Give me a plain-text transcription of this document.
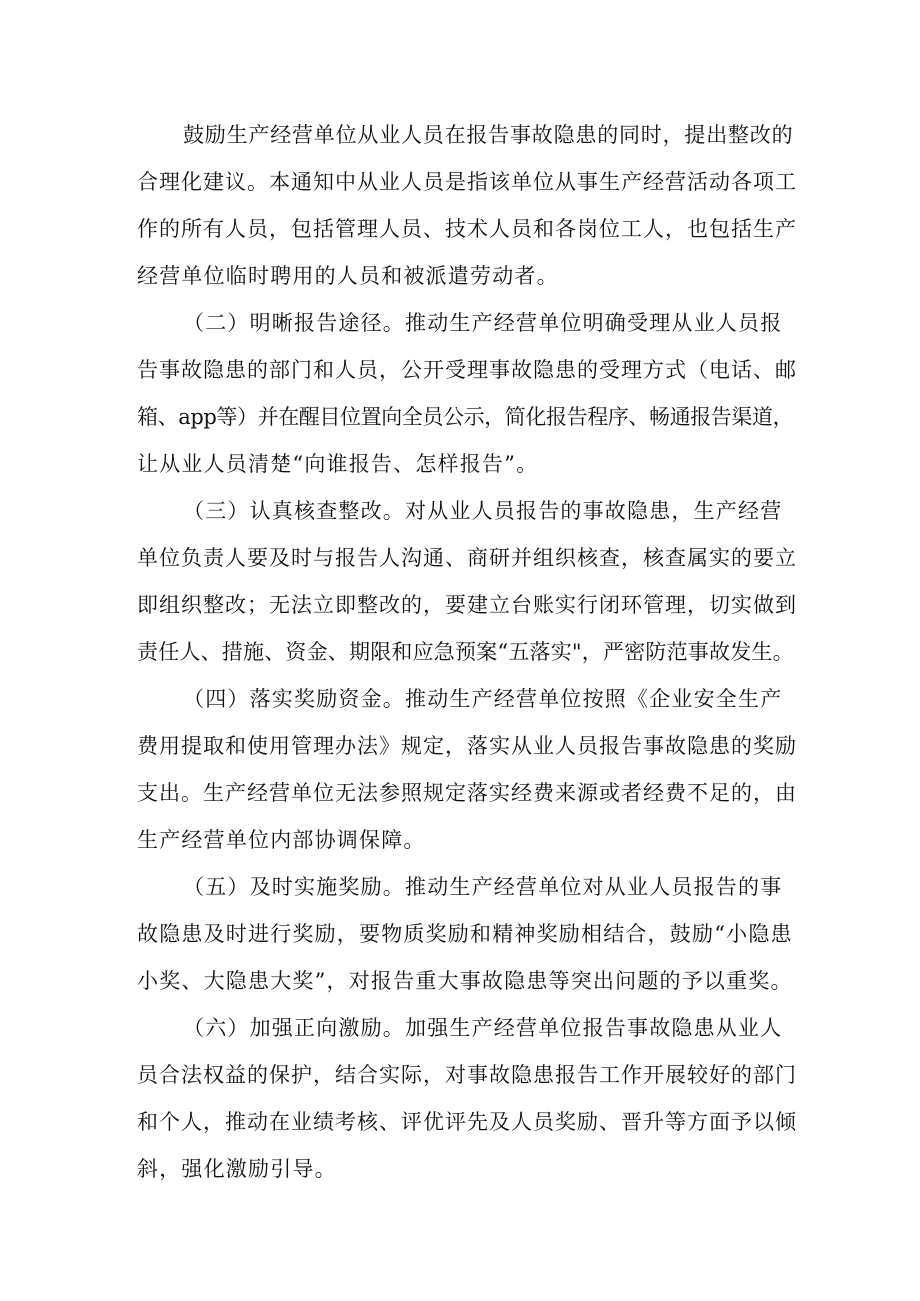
鼓励生产经营单位从业人员在报告事故隐患的同时，提出整改的
合理化建议。本通知中从业人员是指该单位从事生产经营活动各项工
作的所有人员，包括管理人员、技术人员和各岗位工人，也包括生产
经营单位临时聘用的人员和被派遣劳动者。
（二）明晰报告途径。推动生产经营单位明确受理从业人员报
告事故隐患的部门和人员，公开受理事故隐患的受理方式（电话、邮
箱、app等）并在醒目位置向全员公示，简化报告程序、畅通报告渠道，
让从业人员清楚“向谁报告、怎样报告”。
（三）认真核查整改。对从业人员报告的事故隐患，生产经营
单位负责人要及时与报告人沟通、商研并组织核查，核查属实的要立
即组织整改；无法立即整改的，要建立台账实行闭环管理，切实做到
责任人、措施、资金、期限和应急预案“五落实"，严密防范事故发生。
（四）落实奖励资金。推动生产经营单位按照《企业安全生产
费用提取和使用管理办法》规定，落实从业人员报告事故隐患的奖励
支出。生产经营单位无法参照规定落实经费来源或者经费不足的，由
生产经营单位内部协调保障。
（五）及时实施奖励。推动生产经营单位对从业人员报告的事
故隐患及时进行奖励，要物质奖励和精神奖励相结合，鼓励“小隐患
小奖、大隐患大奖”，对报告重大事故隐患等突出问题的予以重奖。
（六）加强正向激励。加强生产经营单位报告事故隐患从业人
员合法权益的保护，结合实际，对事故隐患报告工作开展较好的部门
和个人，推动在业绩考核、评优评先及人员奖励、晋升等方面予以倾
斜，强化激励引导。
